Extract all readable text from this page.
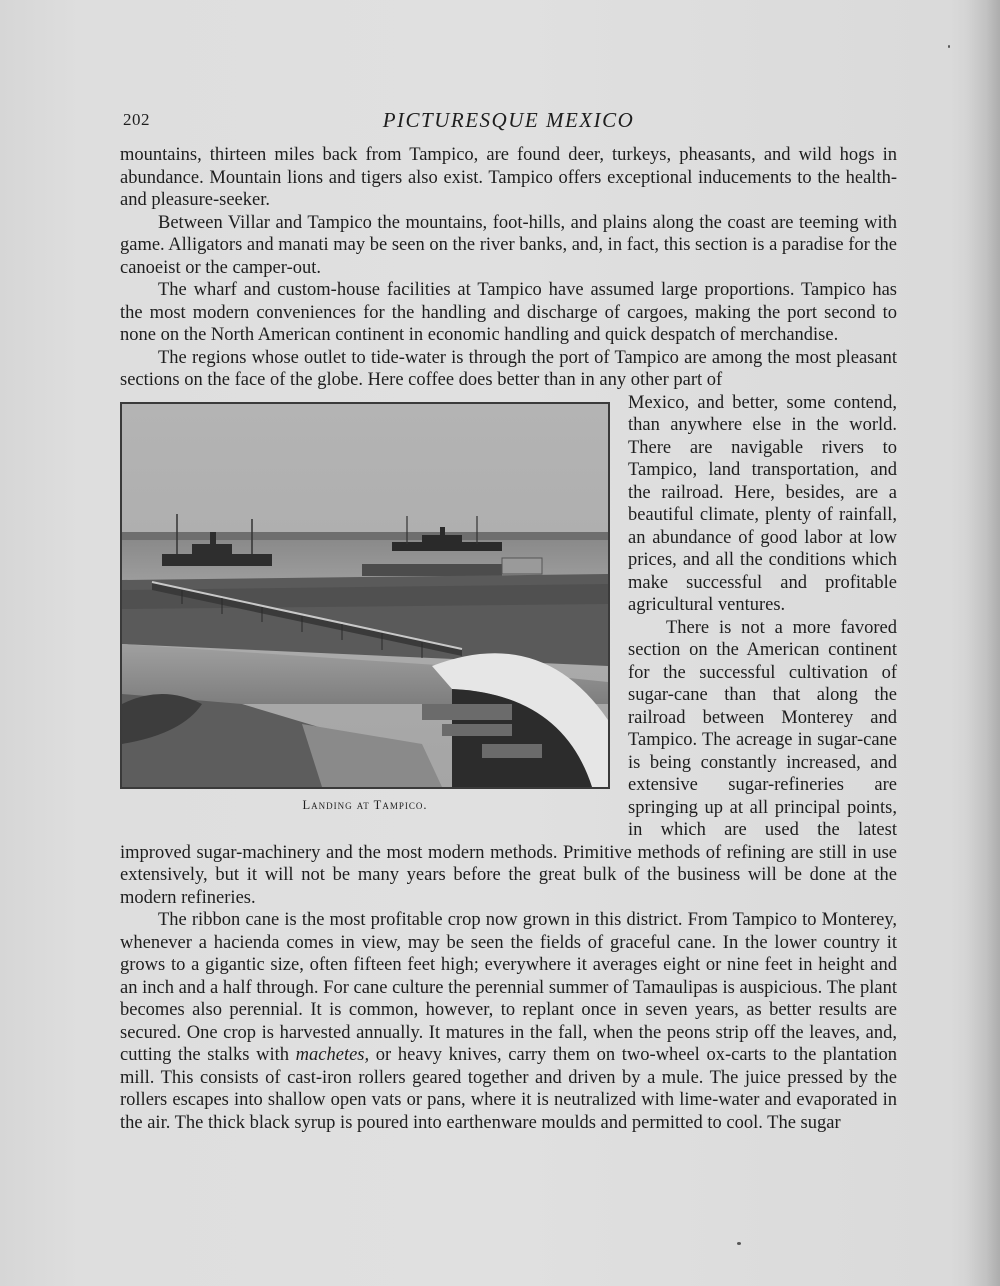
202	PICTURESQUE MEXICO

mountains, thirteen miles back from Tampico, are found deer, turkeys, pheasants, and wild hogs in abundance. Mountain lions and tigers also exist. Tampico offers exceptional inducements to the health- and pleasure-seeker.

Between Villar and Tampico the mountains, foot-hills, and plains along the coast are teeming with game. Alligators and manati may be seen on the river banks, and, in fact, this section is a paradise for the canoeist or the camper-out.

The wharf and custom-house facilities at Tampico have assumed large proportions. Tampico has the most modern conveniences for the handling and discharge of cargoes, making the port second to none on the North American continent in economic handling and quick despatch of merchandise.

The regions whose outlet to tide-water is through the port of Tampico are among the most pleasant sections on the face of the globe. Here coffee does better than in any other part of

Landing at Tampico.

Mexico, and better, some contend, than anywhere else in the world. There are navigable rivers to Tampico, land transportation, and the railroad. Here, besides, are a beautiful climate, plenty of rainfall, an abundance of good labor at low prices, and all the conditions which make successful and profitable agricultural ventures.

There is not a more favored section on the American continent for the successful cultivation of sugar-cane than that along the railroad between Monterey and Tampico. The acreage in sugar-cane is being constantly increased, and extensive sugar-refineries are springing up at all principal points, in which are used the latest improved sugar-machinery and the most modern methods. Primitive methods of refining are still in use extensively, but it will not be many years before the great bulk of the business will be done at the modern refineries.

The ribbon cane is the most profitable crop now grown in this district. From Tampico to Monterey, whenever a hacienda comes in view, may be seen the fields of graceful cane. In the lower country it grows to a gigantic size, often fifteen feet high; everywhere it averages eight or nine feet in height and an inch and a half through. For cane culture the perennial summer of Tamaulipas is auspicious. The plant becomes also perennial. It is common, however, to replant once in seven years, as better results are secured. One crop is harvested annually. It matures in the fall, when the peons strip off the leaves, and, cutting the stalks with machetes, or heavy knives, carry them on two-wheel ox-carts to the plantation mill. This consists of cast-iron rollers geared together and driven by a mule. The juice pressed by the rollers escapes into shallow open vats or pans, where it is neutralized with lime-water and evaporated in the air. The thick black syrup is poured into earthenware moulds and permitted to cool. The sugar
